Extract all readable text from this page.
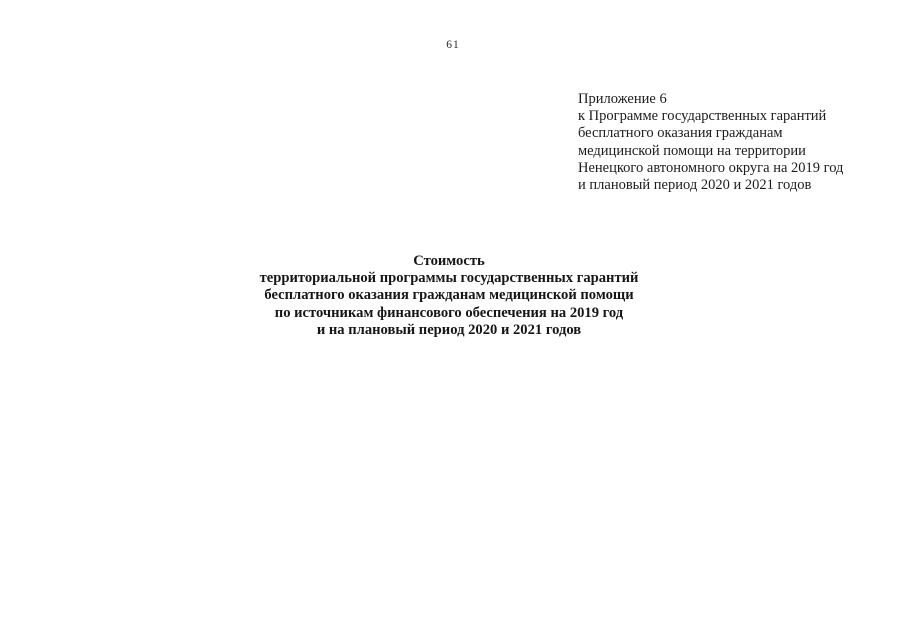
61
Приложение 6
к Программе государственных гарантий
бесплатного оказания гражданам
медицинской помощи на территории
Ненецкого автономного округа на 2019 год
и плановый период 2020 и 2021 годов
Стоимость
территориальной программы государственных гарантий
бесплатного оказания гражданам медицинской помощи
по источникам финансового обеспечения на 2019 год
и на плановый период 2020 и 2021 годов
